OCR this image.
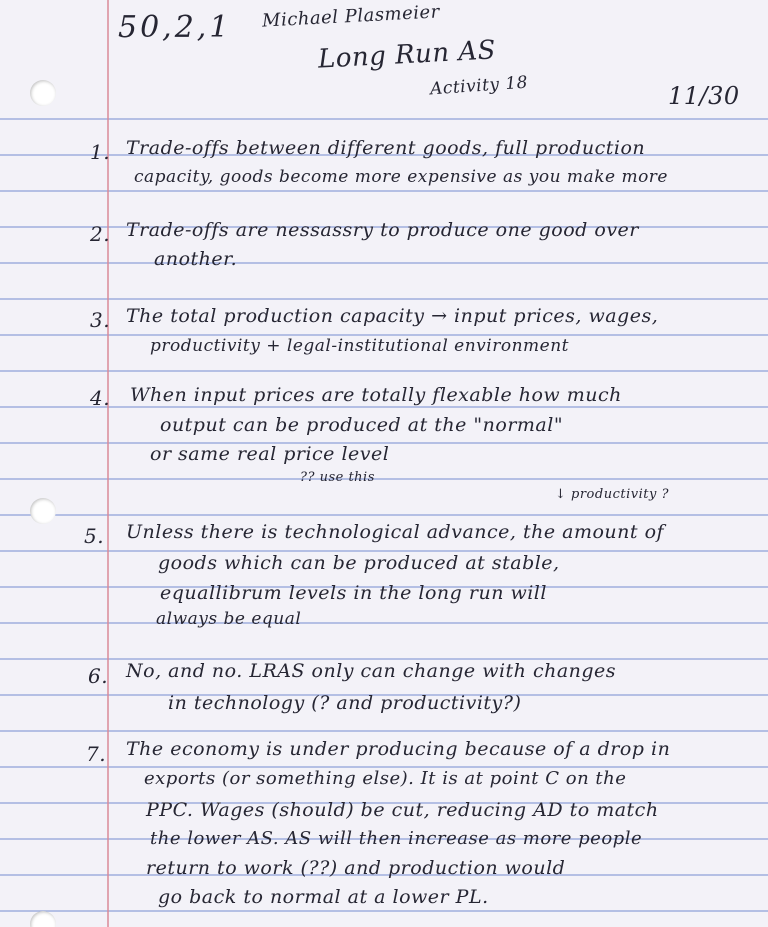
50,2,1 Michael Plasmeier
Long Run AS
Activity 18	11/30
1. Trade-offs between different goods, full production
capacity, goods become more expensive as you make more
2. Trade-offs are nessassry to produce one good over
another.
3. The total production capacity → input prices, wages,
productivity + legal-institutional environment
4. When input prices are totally flexable how much
output can be produced at the "normal"
or same real price level
?? use this
↓ productivity ?
5. Unless there is technological advance, the amount of
goods which can be produced at stable,
equallibrum levels in the long run will
always be equal
6. No, and no. LRAS only can change with changes
in technology (? and productivity?)
7. The economy is under producing because of a drop in
exports (or something else). It is at point C on the
PPC. Wages (should) be cut, reducing AD to match
the lower AS. AS will then increase as more people
return to work (??) and production would
go back to normal at a lower PL.
